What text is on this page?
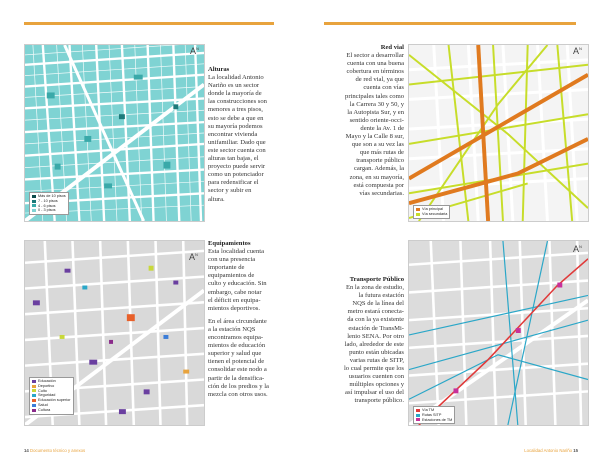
$A^N$
Más de 10 pisos
7 - 10 pisos
4 - 6 pisos
0 - 3 pisos
Alturas
La localidad Antonio
Nariño es un sector
donde la mayoría de
las construcciones son
menores a tres pisos,
esto se debe a que en
su mayoría podemos
encontrar vivienda
unifamiliar. Dado que
este sector cuenta con
alturas tan bajas, el
proyecto puede servir
como un potenciador
para redensificar el
sector y subir en
altura.
Red vial
El sector a desarrollar
cuenta con una buena
cobertura en términos
de red vial, ya que
cuenta con vías
principales tales como
la Carrera 30 y 50, y
la Autopista Sur, y en
sentido oriente-occi-
dente la Av. 1 de
Mayo y la Calle 8 sur,
que son a su vez las
que más rutas de
transporte público
cargan. Además, la
zona, en su mayoría,
está compuesta por
vías secundarias.
$A^N$
Vía principal
Vía secundaria
$A^N$
Educación
Deportivo
Culto
Seguridad
Educación superior
Salud
Cultura
Equipamientos
Esta localidad cuenta
con una presencia
importante de
equipamientos de
culto y educación. Sin
embargo, cabe notar
el déficit en equipa-
mientos deportivos.
En el área circundante
a la estación NQS
encontramos equipa-
mientos de educación
superior y salud que
tienen el potencial de
consolidar este nodo a
partir de la densifica-
ción de los predios y la
mezcla con otros usos.
Transporte Público
En la zona de estudio,
la futura estación
NQS de la línea del
metro estará conecta-
da con la ya existente
estación de TransMi-
lenio SENA. Por otro
lado, alrededor de este
punto están ubicadas
varias rutas de SITP,
lo cual permite que los
usuarios cuenten con
múltiples opciones y
así impulsar el uso del
transporte público.
$A^N$
Vía TM
Rutas SITP
Estaciones de TM
14 Documento técnico y anexos	Localidad Antonio Nariño 15
